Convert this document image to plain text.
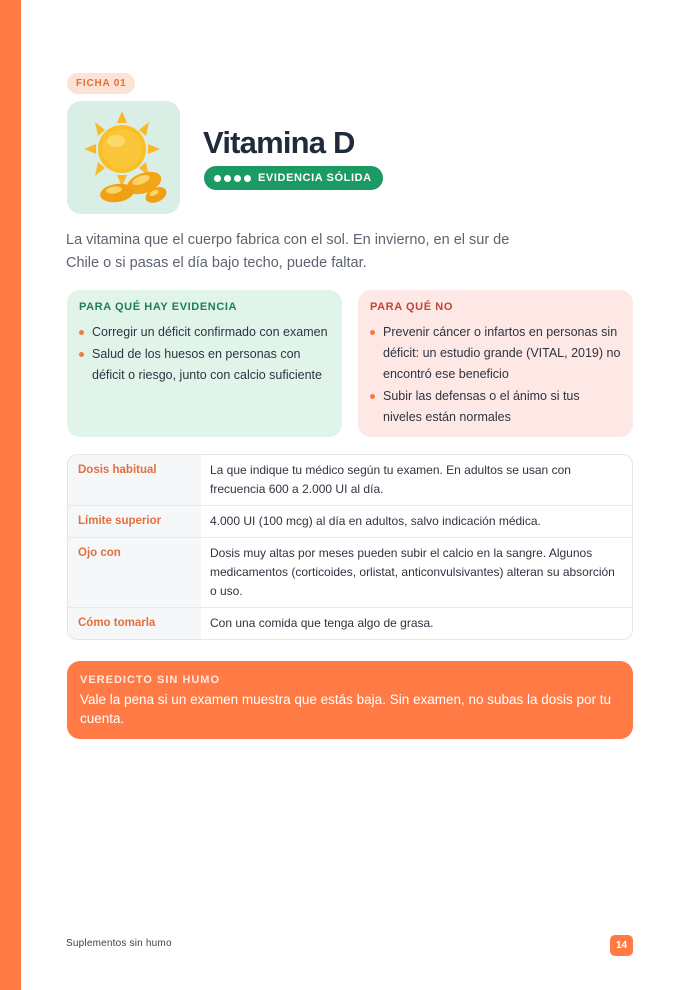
FICHA 01
Vitamina D
EVIDENCIA SÓLIDA

La vitamina que el cuerpo fabrica con el sol. En invierno, en el sur de Chile o si pasas el día bajo techo, puede faltar.

PARA QUÉ HAY EVIDENCIA

Corregir un déficit confirmado con examen
Salud de los huesos en personas con déficit o riesgo, junto con calcio suficiente

PARA QUÉ NO

Prevenir cáncer o infartos en personas sin déficit: un estudio grande (VITAL, 2019) no encontró ese beneficio
Subir las defensas o el ánimo si tus niveles están normales
Dosis habitual	La que indique tu médico según tu examen. En adultos se usan con frecuencia 600 a 2.000 UI al día.
Límite superior	4.000 UI (100 mcg) al día en adultos, salvo indicación médica.
Ojo con	Dosis muy altas por meses pueden subir el calcio en la sangre. Algunos medicamentos (corticoides, orlistat, anticonvulsivantes) alteran su absorción o uso.
Cómo tomarla	Con una comida que tenga algo de grasa.

VEREDICTO SIN HUMO

Vale la pena si un examen muestra que estás baja. Sin examen, no subas la dosis por tu cuenta.

Suplementos sin humo	14
